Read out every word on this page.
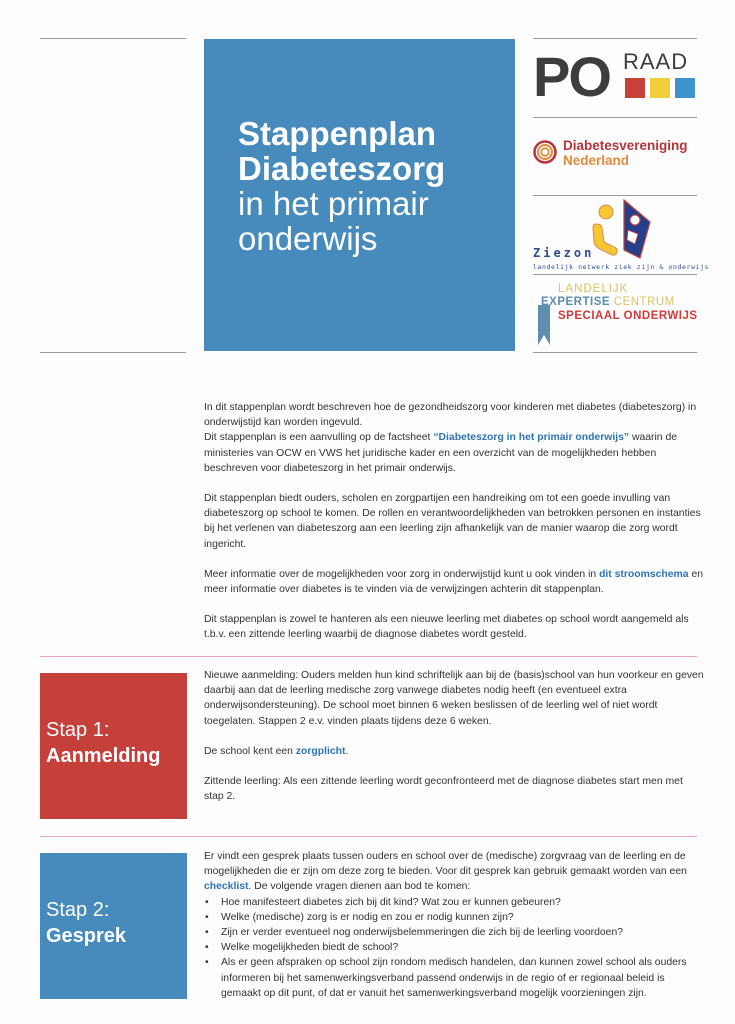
Stappenplan
Diabeteszorg
in het primair
onderwijs
PO RAAD
Diabetesvereniging
Nederland
Ziezon
landelijk netwerk ziek zijn & onderwijs
LANDELIJK
EXPERTISE CENTRUM
SPECIAAL ONDERWIJS

In dit stappenplan wordt beschreven hoe de gezondheidszorg voor kinderen met diabetes (diabeteszorg) in onderwijstijd kan worden ingevuld.
Dit stappenplan is een aanvulling op de factsheet “Diabeteszorg in het primair onderwijs” waarin de ministeries van OCW en VWS het juridische kader en een overzicht van de mogelijkheden hebben beschreven voor diabeteszorg in het primair onderwijs.

Dit stappenplan biedt ouders, scholen en zorgpartijen een handreiking om tot een goede invulling van diabeteszorg op school te komen. De rollen en verantwoordelijkheden van betrokken personen en instanties bij het verlenen van diabeteszorg aan een leerling zijn afhankelijk van de manier waarop die zorg wordt ingericht.

Meer informatie over de mogelijkheden voor zorg in onderwijstijd kunt u ook vinden in dit stroomschema en meer informatie over diabetes is te vinden via de verwijzingen achterin dit stappenplan.

Dit stappenplan is zowel te hanteren als een nieuwe leerling met diabetes op school wordt aangemeld als t.b.v. een zittende leerling waarbij de diagnose diabetes wordt gesteld.

Stap 1:
Aanmelding

Nieuwe aanmelding: Ouders melden hun kind schriftelijk aan bij de (basis)school van hun voorkeur en geven daarbij aan dat de leerling medische zorg vanwege diabetes nodig heeft (en eventueel extra onderwijsondersteuning). De school moet binnen 6 weken beslissen of de leerling wel of niet wordt toegelaten. Stappen 2 e.v. vinden plaats tijdens deze 6 weken.

De school kent een zorgplicht.

Zittende leerling: Als een zittende leerling wordt geconfronteerd met de diagnose diabetes start men met stap 2.

Stap 2:
Gesprek

Er vindt een gesprek plaats tussen ouders en school over de (medische) zorgvraag van de leerling en de mogelijkheden die er zijn om deze zorg te bieden. Voor dit gesprek kan gebruik gemaakt worden van een checklist. De volgende vragen dienen aan bod te komen:

• Hoe manifesteert diabetes zich bij dit kind? Wat zou er kunnen gebeuren?
• Welke (medische) zorg is er nodig en zou er nodig kunnen zijn?
• Zijn er verder eventueel nog onderwijsbelemmeringen die zich bij de leerling voordoen?
• Welke mogelijkheden biedt de school?
• Als er geen afspraken op school zijn rondom medisch handelen, dan kunnen zowel school als ouders informeren bij het samenwerkingsverband passend onderwijs in de regio of er regionaal beleid is gemaakt op dit punt, of dat er vanuit het samenwerkingsverband mogelijk voorzieningen zijn.
